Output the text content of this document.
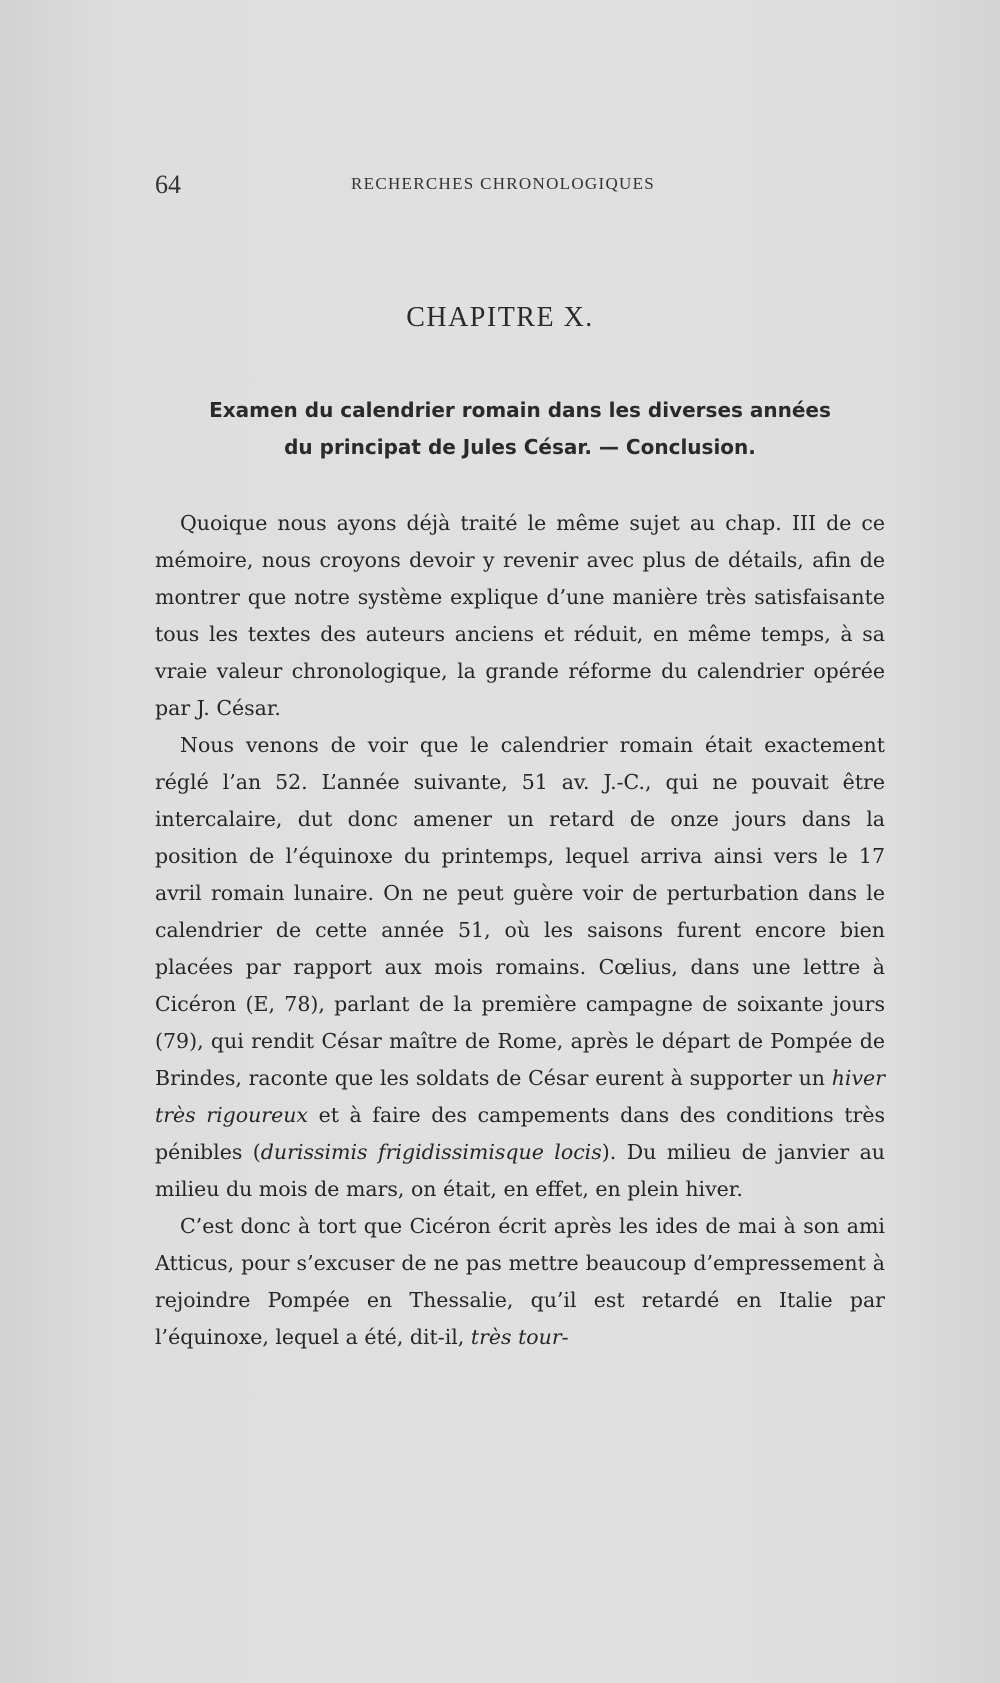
64	RECHERCHES CHRONOLOGIQUES
CHAPITRE X.
Examen du calendrier romain dans les diverses années
du principat de Jules César. — Conclusion.

Quoique nous ayons déjà traité le même sujet au chap. III de ce mémoire, nous croyons devoir y revenir avec plus de détails, afin de montrer que notre système explique d’une manière très satisfaisante tous les textes des auteurs anciens et réduit, en même temps, à sa vraie valeur chronologique, la grande réforme du calendrier opérée par J. César.

Nous venons de voir que le calendrier romain était exactement réglé l’an 52. L’année suivante, 51 av. J.-C., qui ne pouvait être intercalaire, dut donc amener un retard de onze jours dans la position de l’équinoxe du printemps, lequel arriva ainsi vers le 17 avril romain lunaire. On ne peut guère voir de perturbation dans le calendrier de cette année 51, où les saisons furent encore bien placées par rapport aux mois romains. Cœlius, dans une lettre à Cicéron (E, 78), parlant de la première campagne de soixante jours (79), qui rendit César maître de Rome, après le départ de Pompée de Brindes, raconte que les soldats de César eurent à supporter un hiver très rigoureux et à faire des campements dans des conditions très pénibles (durissimis frigidissimisque locis). Du milieu de janvier au milieu du mois de mars, on était, en effet, en plein hiver.

C’est donc à tort que Cicéron écrit après les ides de mai à son ami Atticus, pour s’excuser de ne pas mettre beaucoup d’empressement à rejoindre Pompée en Thessalie, qu’il est retardé en Italie par l’équinoxe, lequel a été, dit-il, très tour-
